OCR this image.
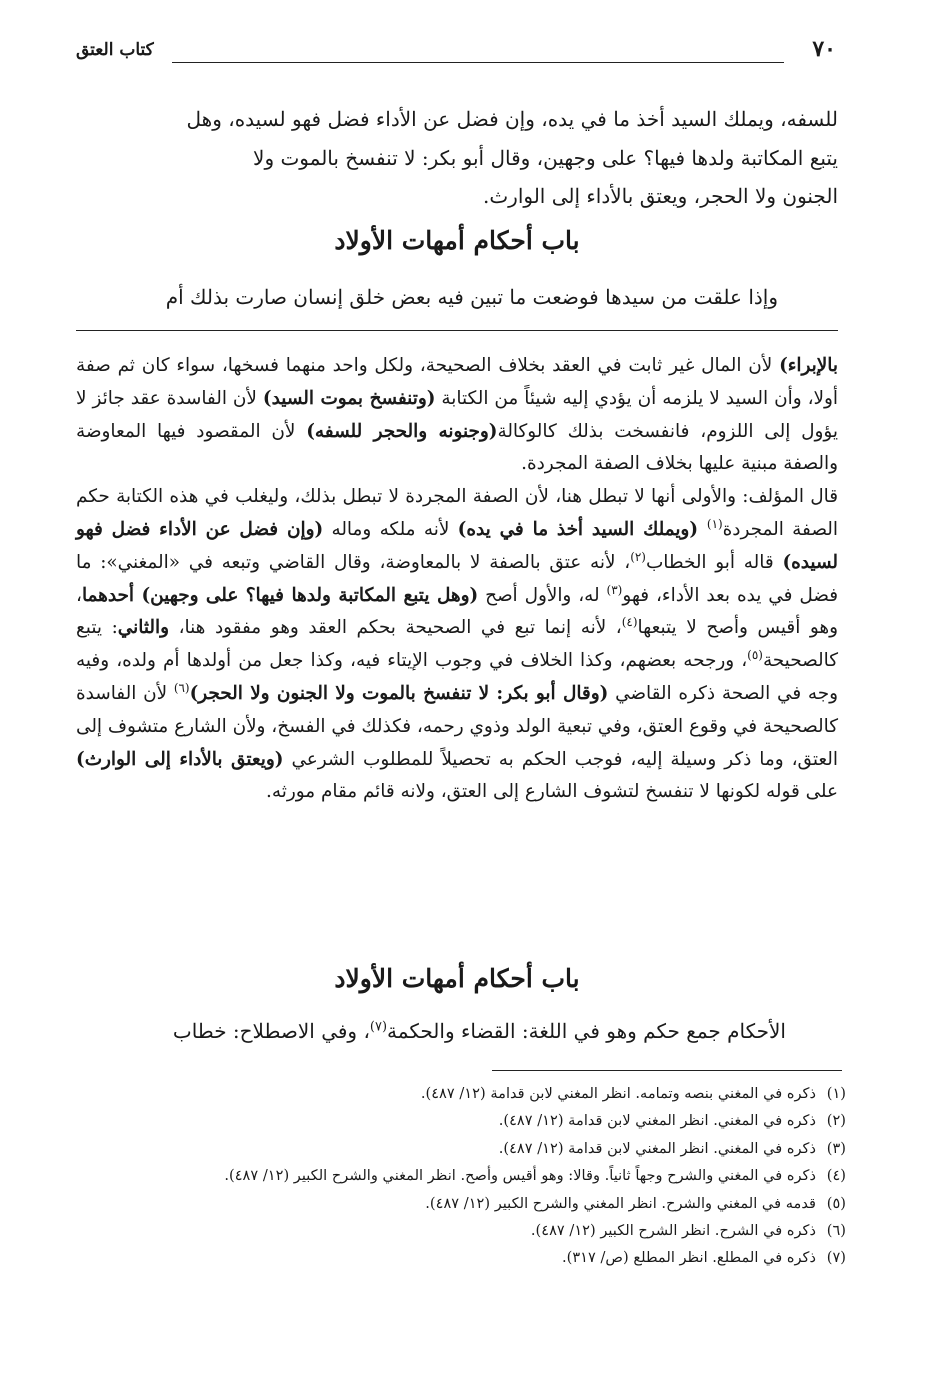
٧٠
كتاب العتق
للسفه، ويملك السيد أخذ ما في يده، وإن فضل عن الأداء فضل فهو لسيده، وهل
يتبع المكاتبة ولدها فيها؟ على وجهين، وقال أبو بكر: لا تنفسخ بالموت ولا
الجنون ولا الحجر، ويعتق بالأداء إلى الوارث.
باب أحكام أمهات الأولاد
وإذا علقت من سيدها فوضعت ما تبين فيه بعض خلق إنسان صارت بذلك أم
بالإبراء) لأن المال غير ثابت في العقد بخلاف الصحيحة، ولكل واحد منهما فسخها، سواء كان ثم صفة أولا، وأن السيد لا يلزمه أن يؤدي إليه شيئاً من الكتابة (وتنفسخ بموت السيد) لأن الفاسدة عقد جائز لا يؤول إلى اللزوم، فانفسخت بذلك كالوكالة(وجنونه والحجر للسفه) لأن المقصود فيها المعاوضة والصفة مبنية عليها بخلاف الصفة المجردة.
قال المؤلف: والأولى أنها لا تبطل هنا، لأن الصفة المجردة لا تبطل بذلك، وليغلب في هذه الكتابة حكم الصفة المجردة$^{(١)}$ (ويملك السيد أخذ ما في يده) لأنه ملكه وماله (وإن فضل عن الأداء فضل فهو لسيده) قاله أبو الخطاب$^{(٢)}$، لأنه عتق بالصفة لا بالمعاوضة، وقال القاضي وتبعه في «المغني»: ما فضل في يده بعد الأداء، فهو$^{(٣)}$ له، والأول أصح (وهل يتبع المكاتبة ولدها فيها؟ على وجهين) أحدهما، وهو أقيس وأصح لا يتبعها$^{(٤)}$، لأنه إنما تبع في الصحيحة بحكم العقد وهو مفقود هنا، والثاني: يتبع كالصحيحة$^{(٥)}$، ورجحه بعضهم، وكذا الخلاف في وجوب الإيتاء فيه، وكذا جعل من أولدها أم ولده، وفيه وجه في الصحة ذكره القاضي (وقال أبو بكر: لا تنفسخ بالموت ولا الجنون ولا الحجر)$^{(٦)}$ لأن الفاسدة كالصحيحة في وقوع العتق، وفي تبعية الولد وذوي رحمه، فكذلك في الفسخ، ولأن الشارع متشوف إلى العتق، وما ذكر وسيلة إليه، فوجب الحكم به تحصيلاً للمطلوب الشرعي (ويعتق بالأداء إلى الوارث) على قوله لكونها لا تنفسخ لتشوف الشارع إلى العتق، ولانه قائم مقام مورثه.
باب أحكام أمهات الأولاد
الأحكام جمع حكم وهو في اللغة: القضاء والحكمة$^{(٧)}$، وفي الاصطلاح: خطاب
(١)ذكره في المغني بنصه وتمامه. انظر المغني لابن قدامة (١٢/ ٤٨٧).
(٢)ذكره في المغني. انظر المغني لابن قدامة (١٢/ ٤٨٧).
(٣)ذكره في المغني. انظر المغني لابن قدامة (١٢/ ٤٨٧).
(٤)ذكره في المغني والشرح وجهاً ثانياً. وقالا: وهو أقيس وأصح. انظر المغني والشرح الكبير (١٢/ ٤٨٧).
(٥)قدمه في المغني والشرح. انظر المغني والشرح الكبير (١٢/ ٤٨٧).
(٦)ذكره في الشرح. انظر الشرح الكبير (١٢/ ٤٨٧).
(٧)ذكره في المطلع. انظر المطلع (ص/ ٣١٧).
